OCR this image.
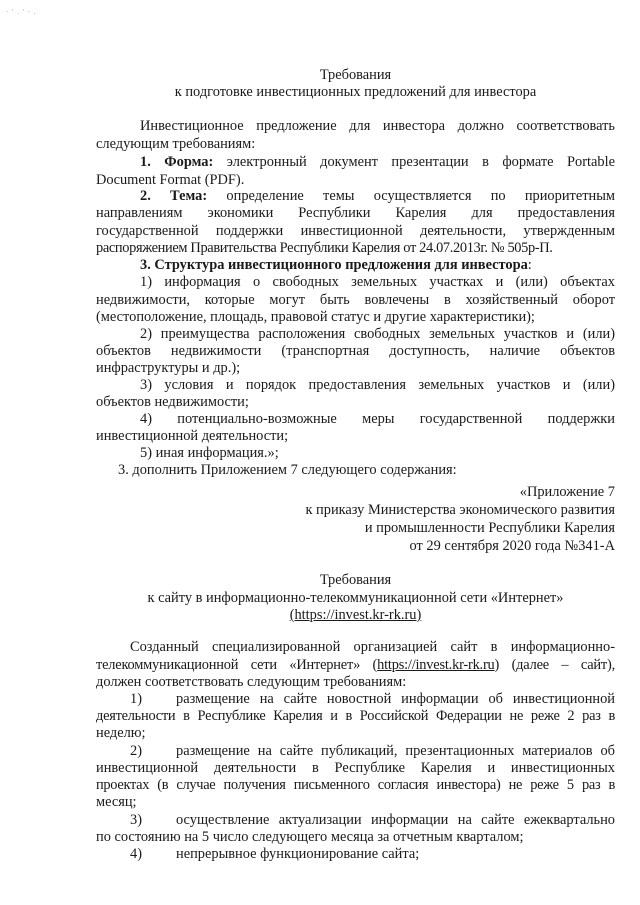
· ' . ' · .
Требования
к подготовке инвестиционных предложений для инвестора
Инвестиционное предложение для инвестора должно соответствовать
следующим требованиям:
1. Форма: электронный документ презентации в формате Portable
Document Format (PDF).
2. Тема: определение темы осуществляется по приоритетным
направлениям экономики Республики Карелия для предоставления
государственной поддержки инвестиционной деятельности, утвержденным
распоряжением Правительства Республики Карелия от 24.07.2013г. № 505р-П.
3. Структура инвестиционного предложения для инвестора:
1) информация о свободных земельных участках и (или) объектах
недвижимости, которые могут быть вовлечены в хозяйственный оборот
(местоположение, площадь, правовой статус и другие характеристики);
2) преимущества расположения свободных земельных участков и (или)
объектов недвижимости (транспортная доступность, наличие объектов
инфраструктуры и др.);
3) условия и порядок предоставления земельных участков и (или)
объектов недвижимости;
4) потенциально-возможные меры государственной поддержки
инвестиционной деятельности;
5) иная информация.»;
3. дополнить Приложением 7 следующего содержания:
«Приложение 7
к приказу Министерства экономического развития
и промышленности Республики Карелия
от 29 сентября 2020 года №341-А
Требования
к сайту в информационно-телекоммуникационной сети «Интернет»
(https://invest.kr-rk.ru)
Созданный специализированной организацией сайт в информационно-
телекоммуникационной сети «Интернет» (https://invest.kr-rk.ru) (далее – сайт),
должен соответствовать следующим требованиям:
1) размещение на сайте новостной информации об инвестиционной
деятельности в Республике Карелия и в Российской Федерации не реже 2 раз в
неделю;
2) размещение на сайте публикаций, презентационных материалов об
инвестиционной деятельности в Республике Карелия и инвестиционных
проектах (в случае получения письменного согласия инвестора) не реже 5 раз в
месяц;
3) осуществление актуализации информации на сайте ежеквартально
по состоянию на 5 число следующего месяца за отчетным кварталом;
4) непрерывное функционирование сайта;
